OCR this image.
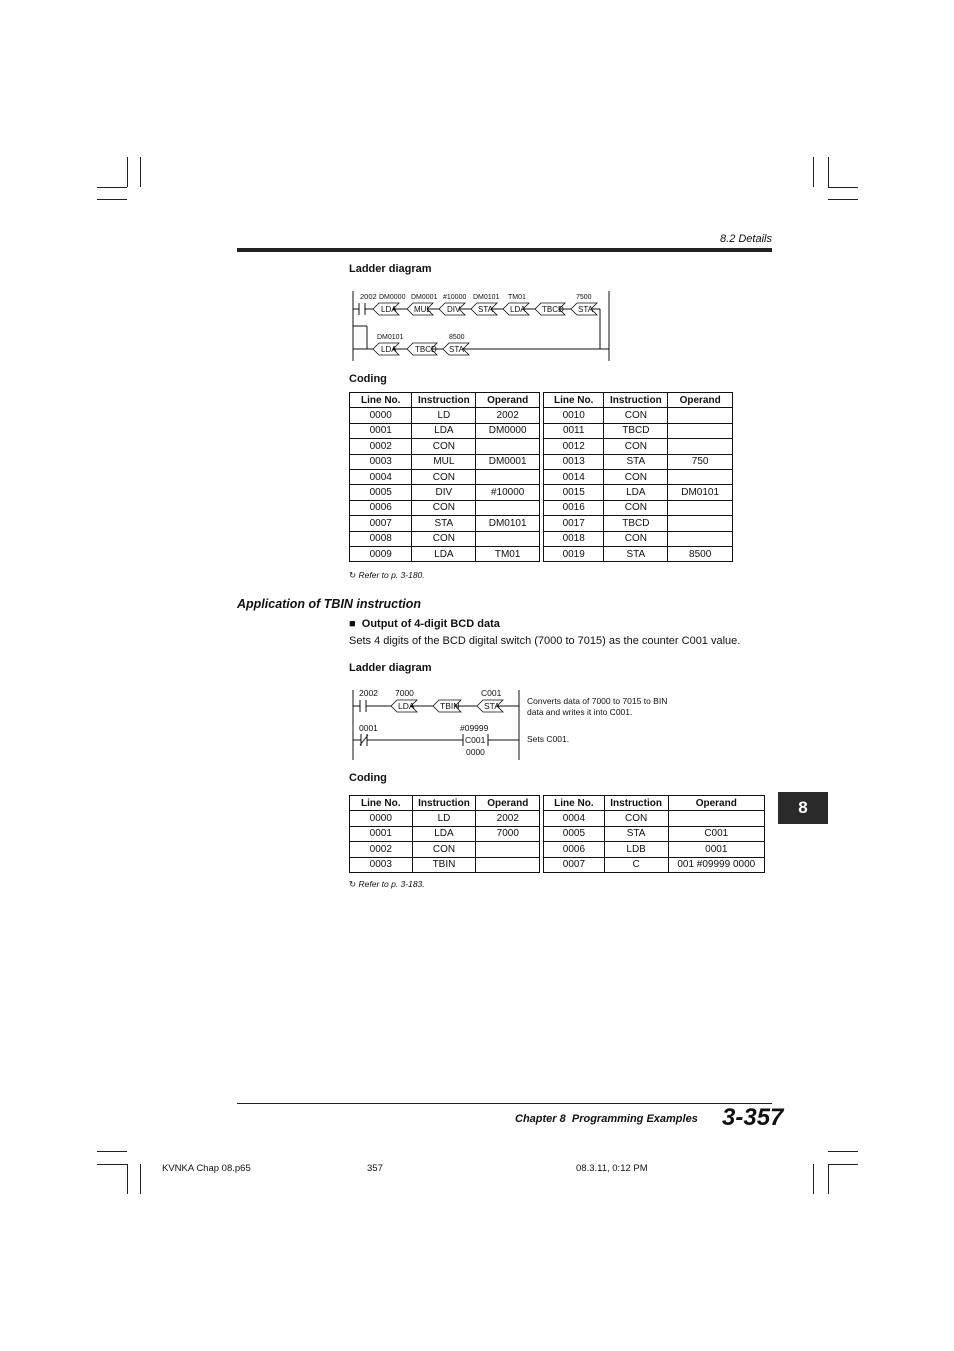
8.2 Details
Ladder diagram
2002 DM0000 DM0001 #10000 DM0101 TM01	7500
LDA MUL DIV STA LDA TBCD STA
DM0101	8500
LDA TBCD STA
Coding
Line No.	Instruction	Operand		Line No.	Instruction	Operand
0000	LD	2002		0010	CON	
0001	LDA	DM0000		0011	TBCD	
0002	CON			0012	CON	
0003	MUL	DM0001		0013	STA	750
0004	CON			0014	CON	
0005	DIV	#10000		0015	LDA	DM0101
0006	CON			0016	CON	
0007	STA	DM0101		0017	TBCD	
0008	CON			0018	CON	
0009	LDA	TM01		0019	STA	8500
↻ Refer to p. 3-180.
Application of TBIN instruction
■  Output of 4-digit BCD data
Sets 4 digits of the BCD digital switch (7000 to 7015) as the counter C001 value.
Ladder diagram
2002 7000	C001
0001	#09999
C001
0000
LDA	TBIN	STA	Converts data of 7000 to 7015 to BIN
data and writes it into C001.
Sets C001.
Coding
Line No.	Instruction	Operand		Line No.	Instruction	Operand
0000	LD	2002		0004	CON	
0001	LDA	7000		0005	STA	C001
0002	CON			0006	LDB	0001
0003	TBIN			0007	C	001 #09999 0000
↻ Refer to p. 3-183.
8
Chapter 8 Programming Examples 3-357
KVNKA Chap 08.p65	357	08.3.11, 0:12 PM
